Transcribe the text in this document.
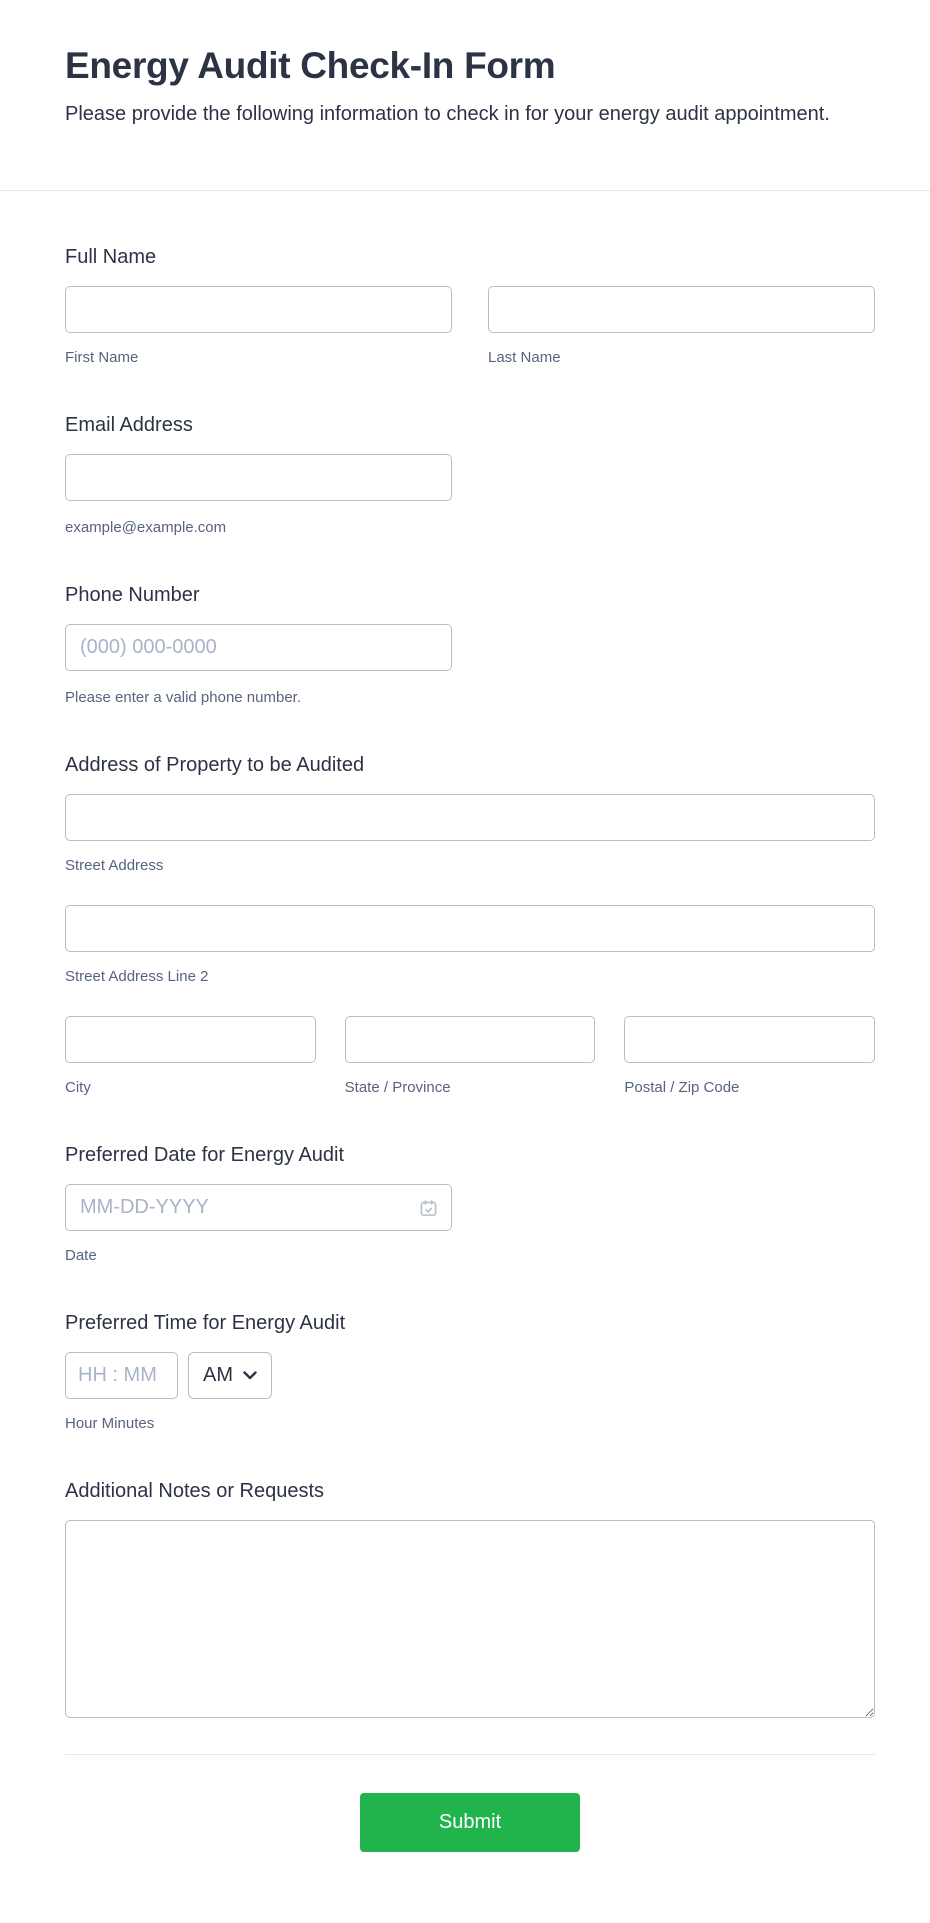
Energy Audit Check-In Form

Please provide the following information to check in for your energy audit appointment.

Full Name
First Name	Last Name
Email Address
example@example.com
Phone Number
(000) 000-0000
Please enter a valid phone number.
Address of Property to be Audited
Street Address
Street Address Line 2
City	State / Province	Postal / Zip Code
Preferred Date for Energy Audit
MM-DD-YYYY
Date
Preferred Time for Energy Audit
HH : MM
AM
Hour Minutes
Additional Notes or Requests
Submit
